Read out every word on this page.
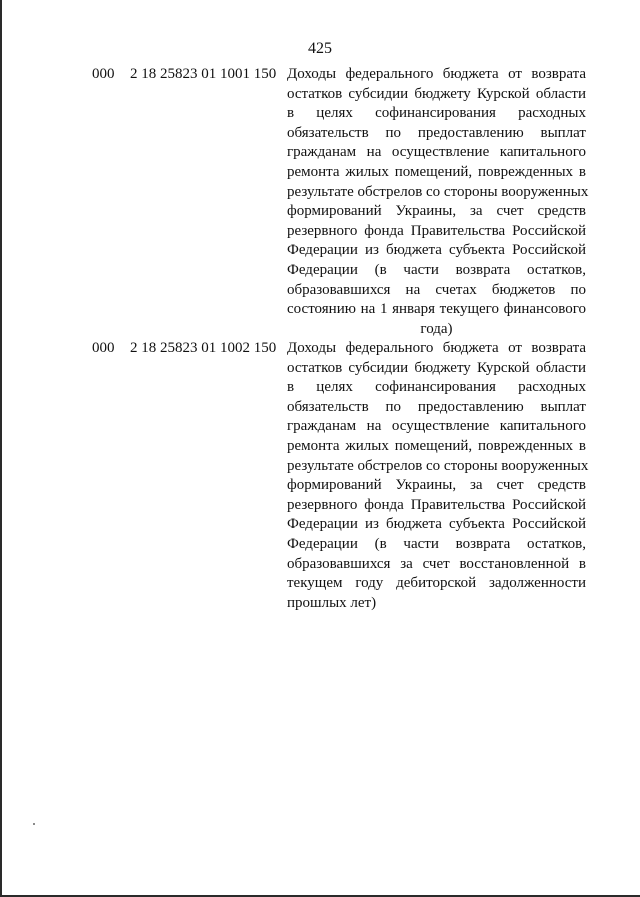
425
000 2 18 25823 01 1001 150 Доходы федерального бюджета от возврата
остатков субсидии бюджету Курской области
в целях софинансирования расходных
обязательств по предоставлению выплат
гражданам на осуществление капитального
ремонта жилых помещений, поврежденных в
результате обстрелов со стороны вооруженных
формирований Украины, за счет средств
резервного фонда Правительства Российской
Федерации из бюджета субъекта Российской
Федерации (в части возврата остатков,
образовавшихся на счетах бюджетов по
состоянию на 1 января текущего финансового
года)
000 2 18 25823 01 1002 150 Доходы федерального бюджета от возврата
остатков субсидии бюджету Курской области
в целях софинансирования расходных
обязательств по предоставлению выплат
гражданам на осуществление капитального
ремонта жилых помещений, поврежденных в
результате обстрелов со стороны вооруженных
формирований Украины, за счет средств
резервного фонда Правительства Российской
Федерации из бюджета субъекта Российской
Федерации (в части возврата остатков,
образовавшихся за счет восстановленной в
текущем году дебиторской задолженности
прошлых лет)
